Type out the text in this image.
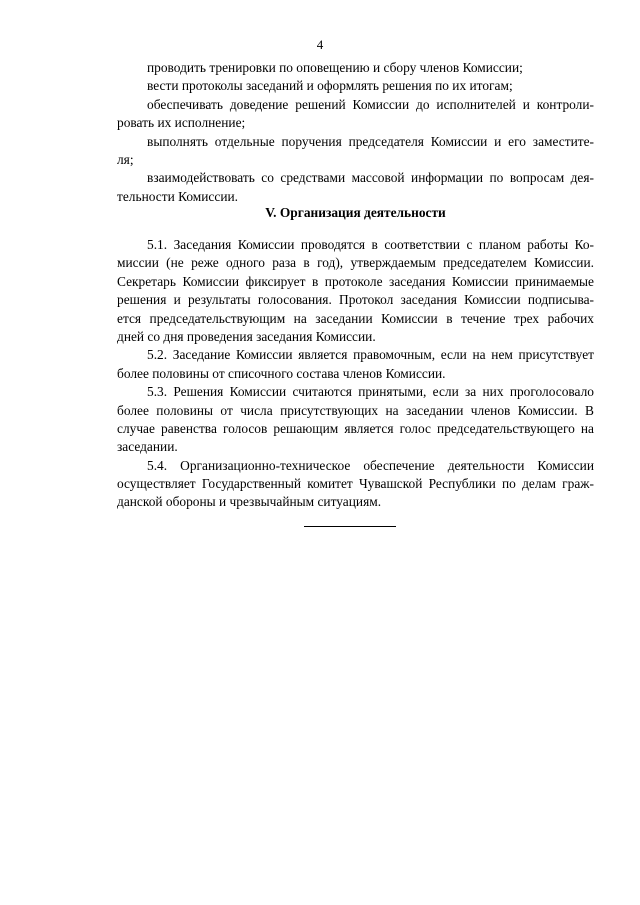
4

проводить тренировки по оповещению и сбору членов Комиссии;

вести протоколы заседаний и оформлять решения по их итогам;

обеспечивать доведение решений Комиссии до исполнителей и контроли-
ровать их исполнение;

выполнять отдельные поручения председателя Комиссии и его заместите-
ля;

взаимодействовать со средствами массовой информации по вопросам дея-
тельности Комиссии.

V. Организация деятельности

5.1. Заседания Комиссии проводятся в соответствии с планом работы Ко-
миссии (не реже одного раза в год), утверждаемым председателем Комиссии.
Секретарь Комиссии фиксирует в протоколе заседания Комиссии принимаемые
решения и результаты голосования. Протокол заседания Комиссии подписыва-
ется председательствующим на заседании Комиссии в течение трех рабочих
дней со дня проведения заседания Комиссии.

5.2. Заседание Комиссии является правомочным, если на нем присутствует
более половины от списочного состава членов Комиссии.

5.3. Решения Комиссии считаются принятыми, если за них проголосовало
более половины от числа присутствующих на заседании членов Комиссии. В
случае равенства голосов решающим является голос председательствующего на
заседании.

5.4. Организационно-техническое обеспечение деятельности Комиссии
осуществляет Государственный комитет Чувашской Республики по делам граж-
данской обороны и чрезвычайным ситуациям.
